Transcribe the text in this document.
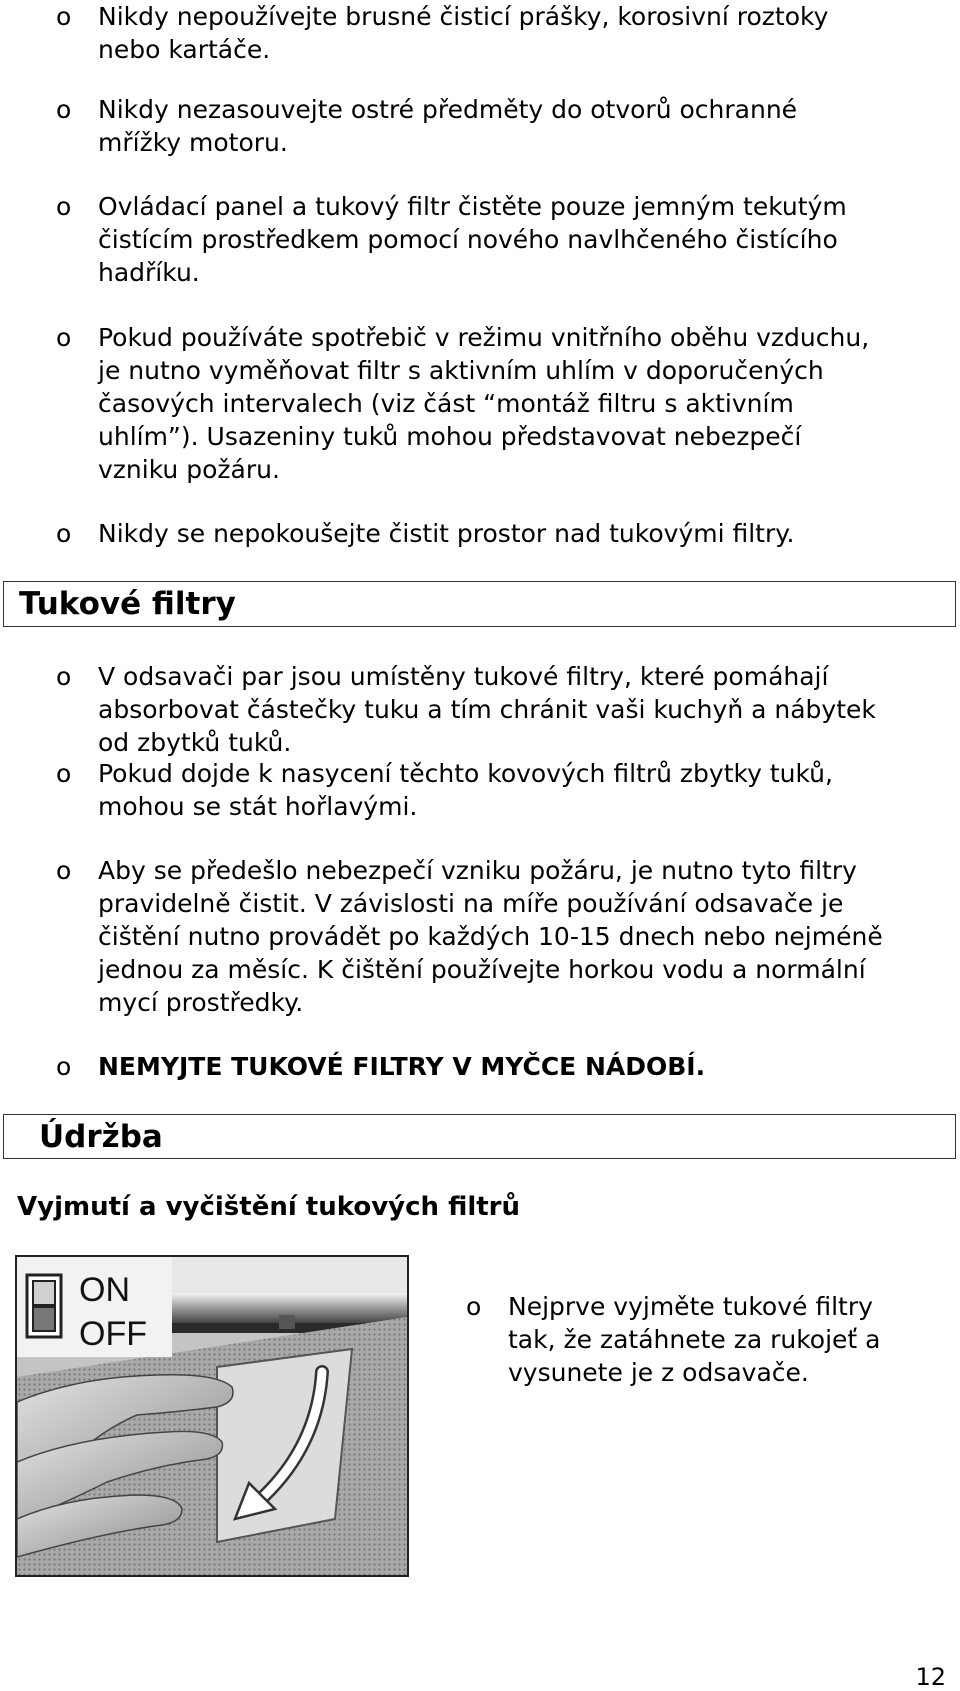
o Nikdy nepoužívejte brusné čisticí prášky, korosivní roztoky
nebo kartáče.
o Nikdy nezasouvejte ostré předměty do otvorů ochranné
mřížky motoru.
o Ovládací panel a tukový filtr čistěte pouze jemným tekutým
čistícím prostředkem pomocí nového navlhčeného čistícího
hadříku.
o Pokud používáte spotřebič v režimu vnitřního oběhu vzduchu,
je nutno vyměňovat filtr s aktivním uhlím v doporučených
časových intervalech (viz část “montáž filtru s aktivním
uhlím”). Usazeniny tuků mohou představovat nebezpečí
vzniku požáru.
o Nikdy se nepokoušejte čistit prostor nad tukovými filtry.
Tukové filtry
o V odsavači par jsou umístěny tukové filtry, které pomáhají
absorbovat částečky tuku a tím chránit vaši kuchyň a nábytek
od zbytků tuků.
o Pokud dojde k nasycení těchto kovových filtrů zbytky tuků,
mohou se stát hořlavými.
o Aby se předešlo nebezpečí vzniku požáru, je nutno tyto filtry
pravidelně čistit. V závislosti na míře používání odsavače je
čištění nutno provádět po každých 10-15 dnech nebo nejméně
jednou za měsíc. K čištění používejte horkou vodu a normální
mycí prostředky.
o NEMYJTE TUKOVÉ FILTRY V MYČCE NÁDOBÍ.
Údržba
Vyjmutí a vyčištění tukových filtrů
ON
OFF
o Nejprve vyjměte tukové filtry
tak, že zatáhnete za rukojeť a
vysunete je z odsavače.
12
